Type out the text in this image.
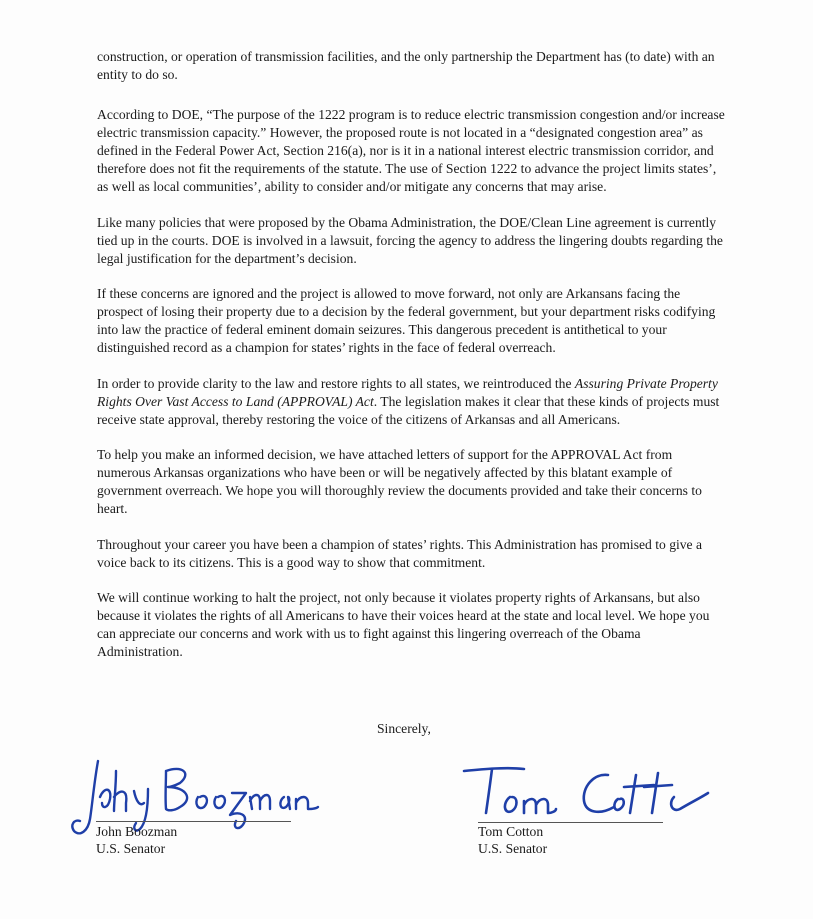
construction, or operation of transmission facilities, and the only partnership the Department has (to date) with an entity to do so.

According to DOE, “The purpose of the 1222 program is to reduce electric transmission congestion and/or increase electric transmission capacity.” However, the proposed route is not located in a “designated congestion area” as defined in the Federal Power Act, Section 216(a), nor is it in a national interest electric transmission corridor, and therefore does not fit the requirements of the statute. The use of Section 1222 to advance the project limits states’, as well as local communities’, ability to consider and/or mitigate any concerns that may arise.

Like many policies that were proposed by the Obama Administration, the DOE/Clean Line agreement is currently tied up in the courts. DOE is involved in a lawsuit, forcing the agency to address the lingering doubts regarding the legal justification for the department’s decision.

If these concerns are ignored and the project is allowed to move forward, not only are Arkansans facing the prospect of losing their property due to a decision by the federal government, but your department risks codifying into law the practice of federal eminent domain seizures. This dangerous precedent is antithetical to your distinguished record as a champion for states’ rights in the face of federal overreach.

In order to provide clarity to the law and restore rights to all states, we reintroduced the Assuring Private Property Rights Over Vast Access to Land (APPROVAL) Act. The legislation makes it clear that these kinds of projects must receive state approval, thereby restoring the voice of the citizens of Arkansas and all Americans.

To help you make an informed decision, we have attached letters of support for the APPROVAL Act from numerous Arkansas organizations who have been or will be negatively affected by this blatant example of government overreach. We hope you will thoroughly review the documents provided and take their concerns to heart.

Throughout your career you have been a champion of states’ rights. This Administration has promised to give a voice back to its citizens. This is a good way to show that commitment.

We will continue working to halt the project, not only because it violates property rights of Arkansans, but also because it violates the rights of all Americans to have their voices heard at the state and local level. We hope you can appreciate our concerns and work with us to fight against this lingering overreach of the Obama Administration.

Sincerely,
John Boozman
U.S. Senator
Tom Cotton
U.S. Senator
